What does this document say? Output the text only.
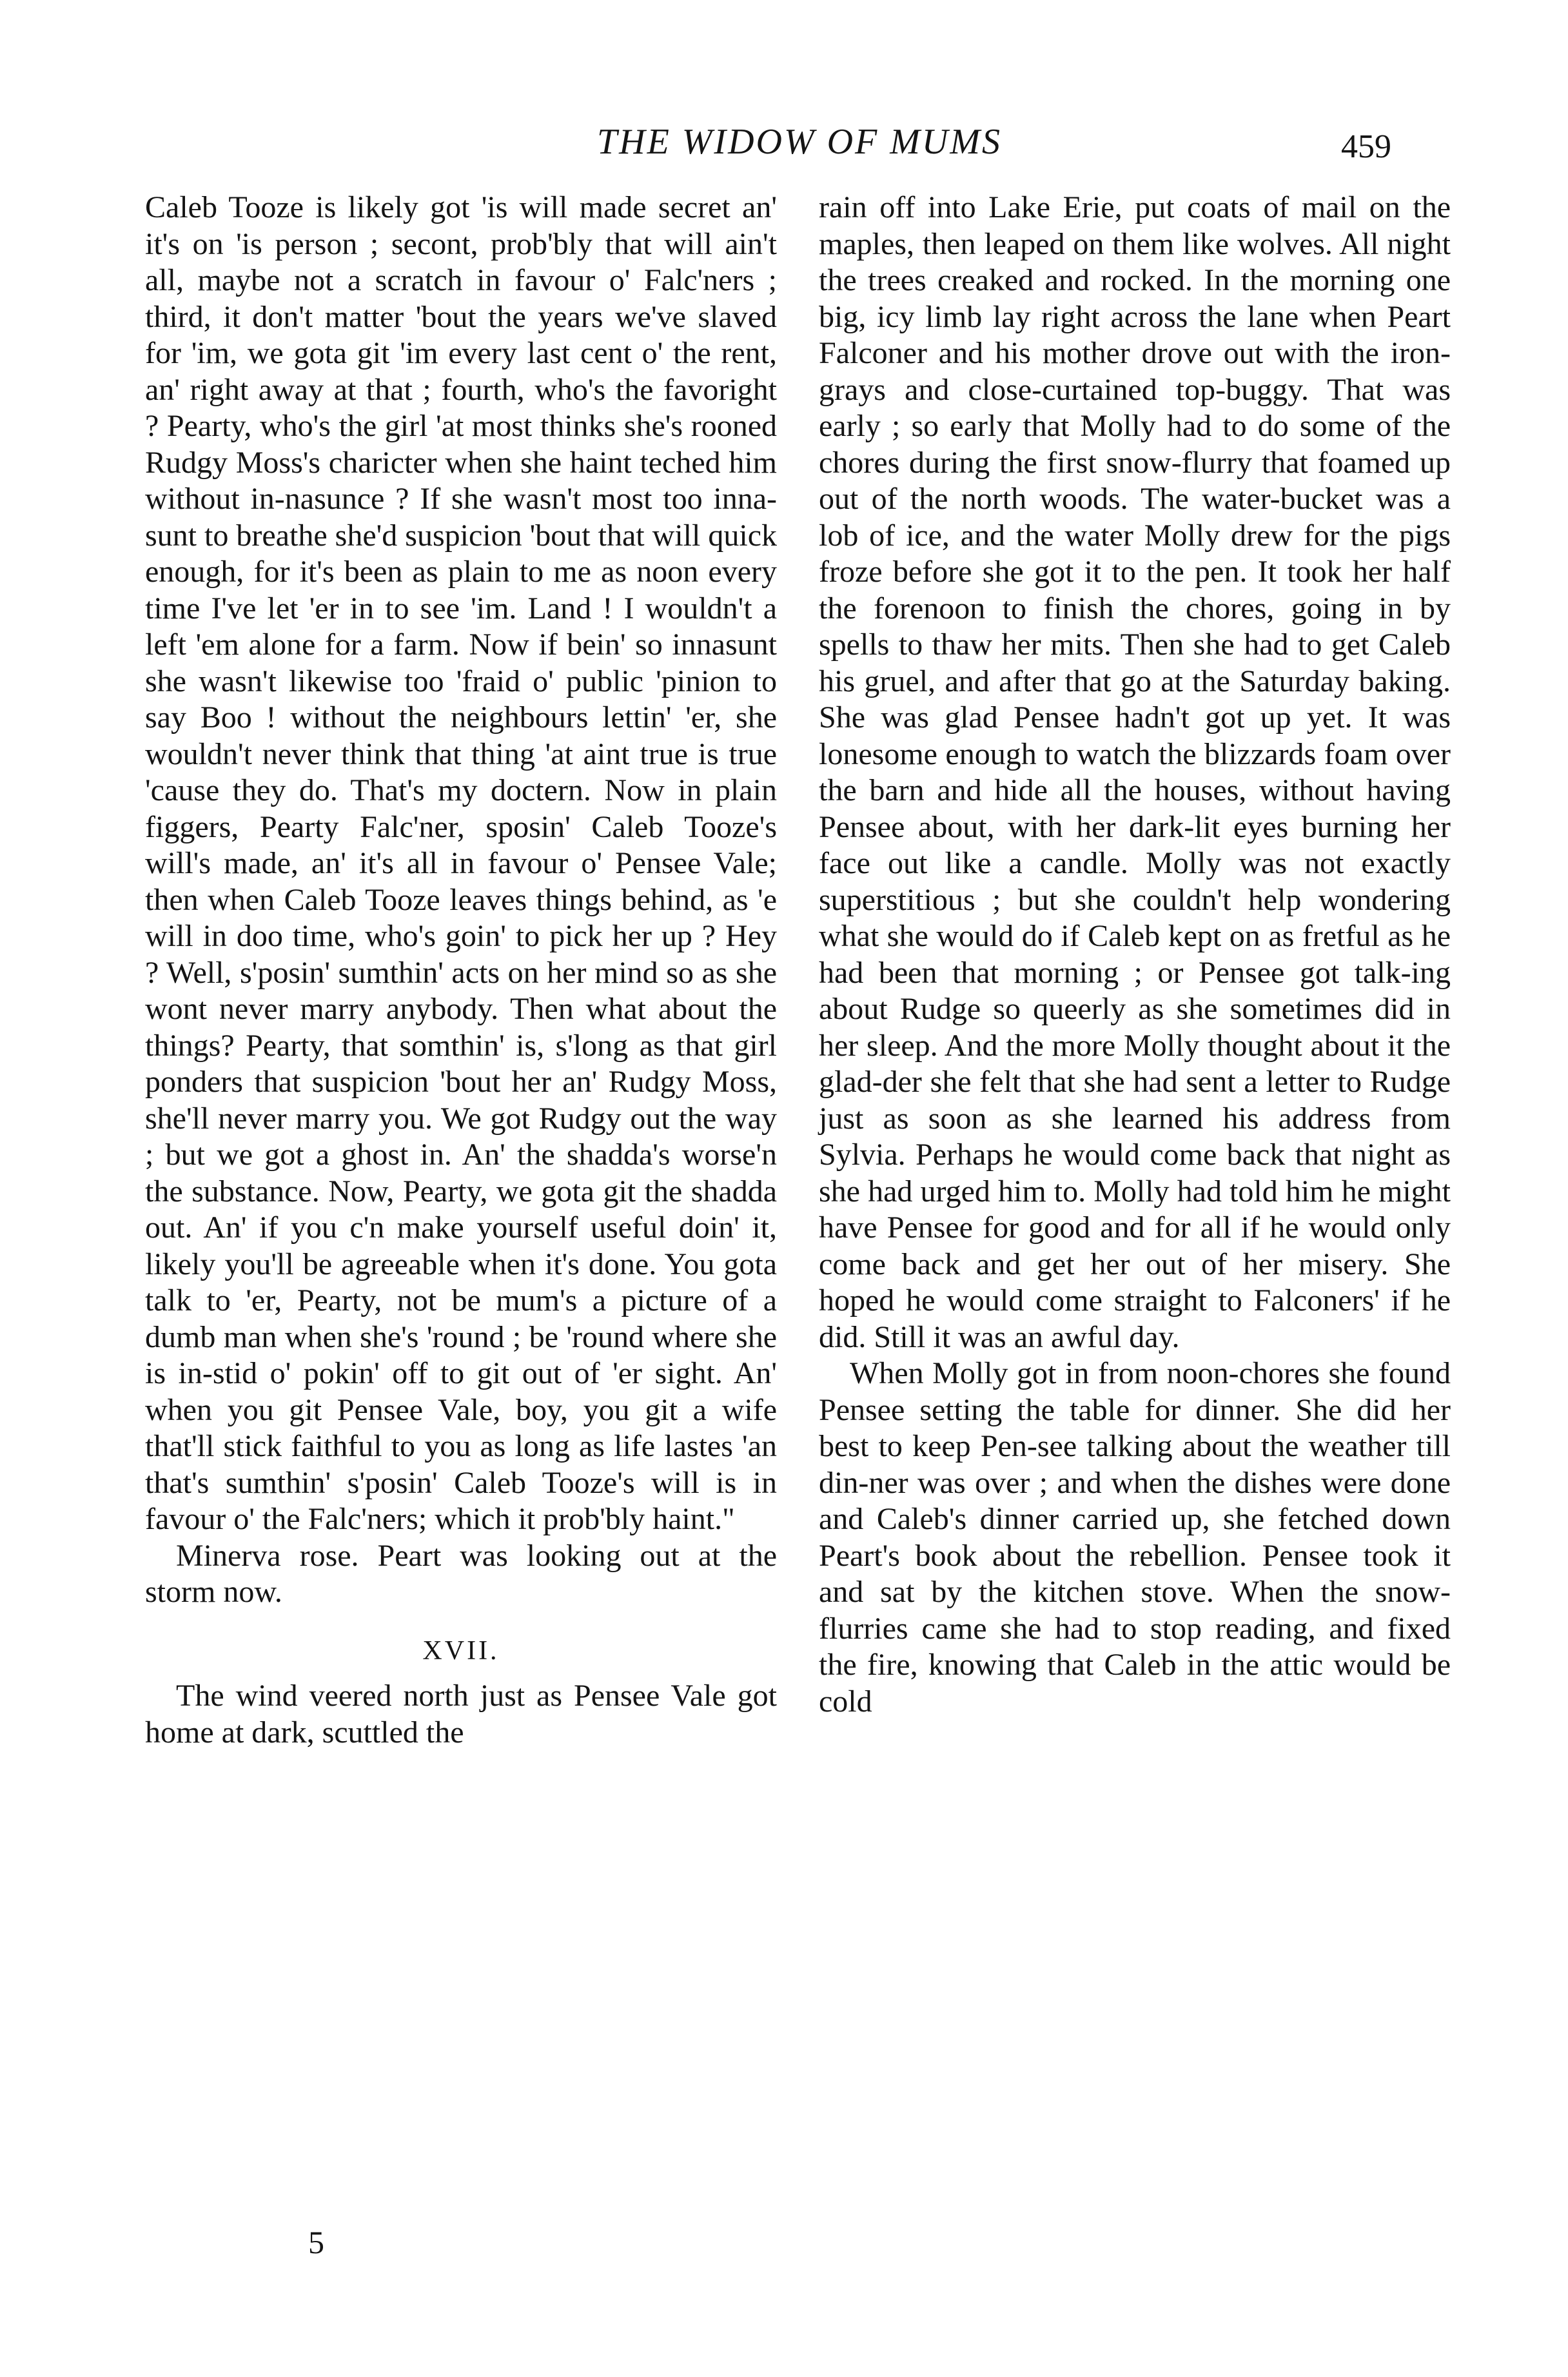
THE WIDOW OF MUMS	459

Caleb Tooze is likely got 'is will made secret an' it's on 'is person ; secont, prob'bly that will ain't all, maybe not a scratch in favour o' Falc'ners ; third, it don't matter 'bout the years we've slaved for 'im, we gota git 'im every last cent o' the rent, an' right away at that ; fourth, who's the favoright ? Pearty, who's the girl 'at most thinks she's rooned Rudgy Moss's charicter when she haint teched him without in-nasunce ? If she wasn't most too inna-sunt to breathe she'd suspicion 'bout that will quick enough, for it's been as plain to me as noon every time I've let 'er in to see 'im. Land ! I wouldn't a left 'em alone for a farm. Now if bein' so innasunt she wasn't likewise too 'fraid o' public 'pinion to say Boo ! without the neighbours lettin' 'er, she wouldn't never think that thing 'at aint true is true 'cause they do. That's my doctern. Now in plain figgers, Pearty Falc'ner, sposin' Caleb Tooze's will's made, an' it's all in favour o' Pensee Vale; then when Caleb Tooze leaves things behind, as 'e will in doo time, who's goin' to pick her up ? Hey ? Well, s'posin' sumthin' acts on her mind so as she wont never marry anybody. Then what about the things? Pearty, that somthin' is, s'long as that girl ponders that suspicion 'bout her an' Rudgy Moss, she'll never marry you. We got Rudgy out the way ; but we got a ghost in. An' the shadda's worse'n the substance. Now, Pearty, we gota git the shadda out. An' if you c'n make yourself useful doin' it, likely you'll be agreeable when it's done. You gota talk to 'er, Pearty, not be mum's a picture of a dumb man when she's 'round ; be 'round where she is in-stid o' pokin' off to git out of 'er sight. An' when you git Pensee Vale, boy, you git a wife that'll stick faithful to you as long as life lastes 'an that's sumthin' s'posin' Caleb Tooze's will is in favour o' the Falc'ners; which it prob'bly haint."

Minerva rose. Peart was looking out at the storm now.

XVII.

The wind veered north just as Pensee Vale got home at dark, scuttled the

rain off into Lake Erie, put coats of mail on the maples, then leaped on them like wolves. All night the trees creaked and rocked. In the morning one big, icy limb lay right across the lane when Peart Falconer and his mother drove out with the iron-grays and close-curtained top-buggy. That was early ; so early that Molly had to do some of the chores during the first snow-flurry that foamed up out of the north woods. The water-bucket was a lob of ice, and the water Molly drew for the pigs froze before she got it to the pen. It took her half the forenoon to finish the chores, going in by spells to thaw her mits. Then she had to get Caleb his gruel, and after that go at the Saturday baking. She was glad Pensee hadn't got up yet. It was lonesome enough to watch the blizzards foam over the barn and hide all the houses, without having Pensee about, with her dark-lit eyes burning her face out like a candle. Molly was not exactly superstitious ; but she couldn't help wondering what she would do if Caleb kept on as fretful as he had been that morning ; or Pensee got talk-ing about Rudge so queerly as she sometimes did in her sleep. And the more Molly thought about it the glad-der she felt that she had sent a letter to Rudge just as soon as she learned his address from Sylvia. Perhaps he would come back that night as she had urged him to. Molly had told him he might have Pensee for good and for all if he would only come back and get her out of her misery. She hoped he would come straight to Falconers' if he did. Still it was an awful day.

When Molly got in from noon-chores she found Pensee setting the table for dinner. She did her best to keep Pen-see talking about the weather till din-ner was over ; and when the dishes were done and Caleb's dinner carried up, she fetched down Peart's book about the rebellion. Pensee took it and sat by the kitchen stove. When the snow-flurries came she had to stop reading, and fixed the fire, knowing that Caleb in the attic would be cold

5
